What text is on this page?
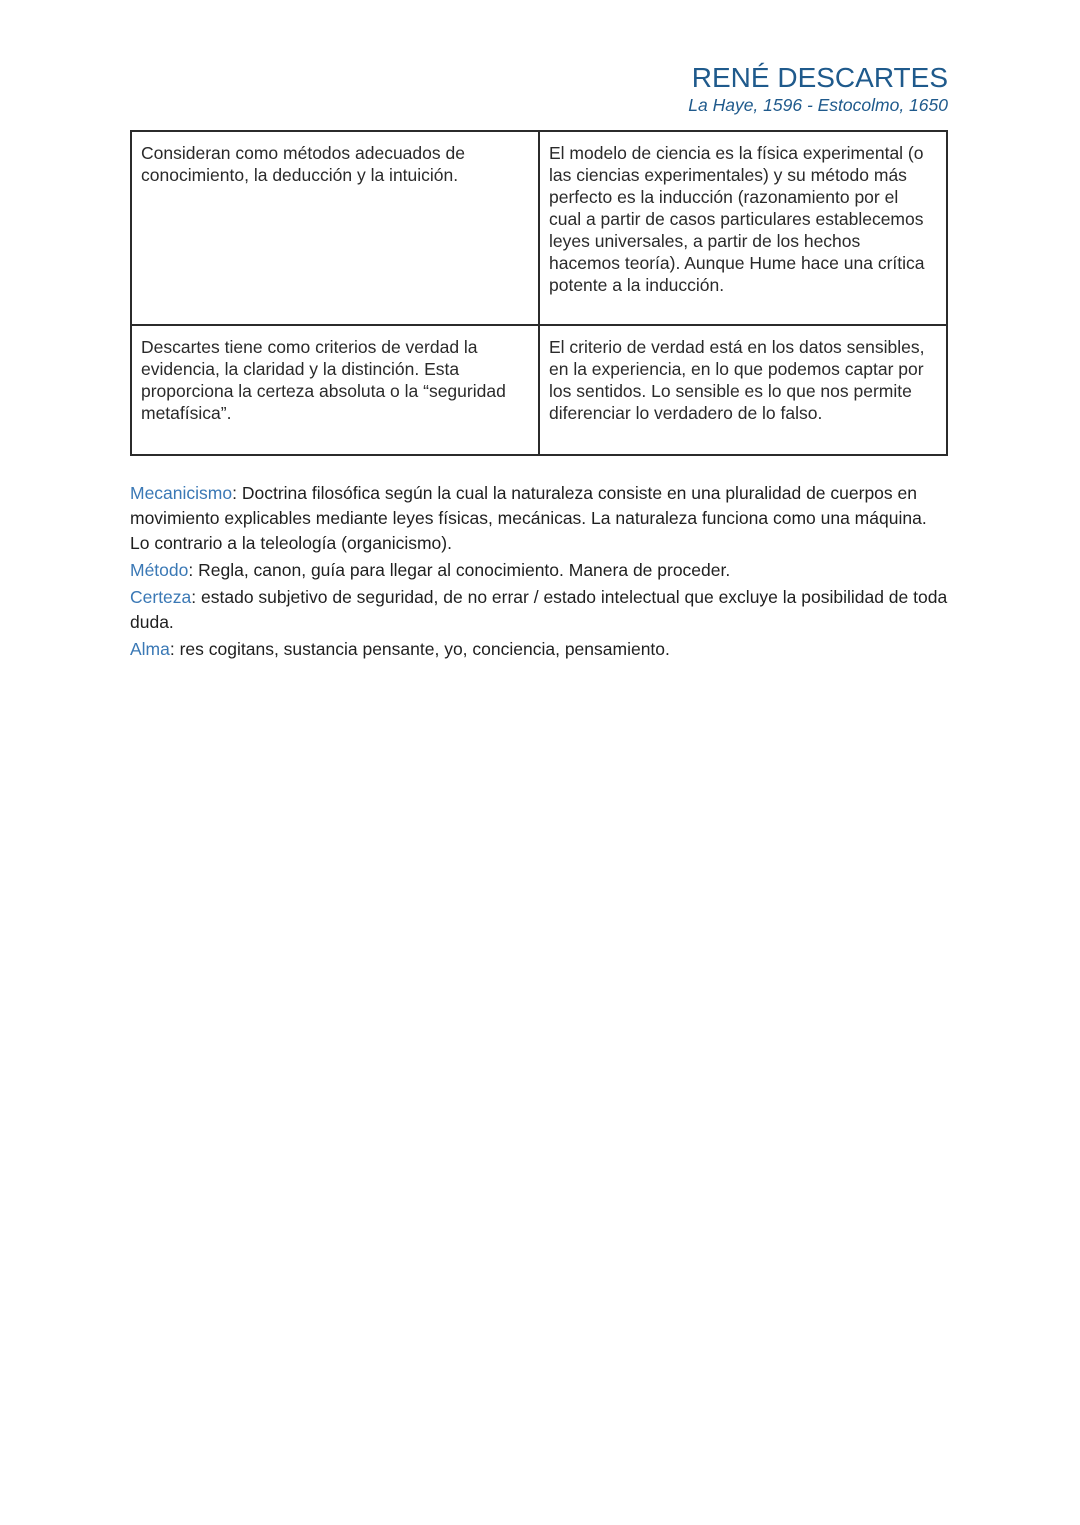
RENÉ DESCARTES
La Haye, 1596 - Estocolmo, 1650
Consideran como métodos adecuados de conocimiento, la deducción y la intuición.	El modelo de ciencia es la física experimental (o las ciencias experimentales) y su método más perfecto es la inducción (razonamiento por el cual a partir de casos particulares establecemos leyes universales, a partir de los hechos hacemos teoría). Aunque Hume hace una crítica potente a la inducción.
Descartes tiene como criterios de verdad la evidencia, la claridad y la distinción. Esta proporciona la certeza absoluta o la “seguridad metafísica”.	El criterio de verdad está en los datos sensibles, en la experiencia, en lo que podemos captar por los sentidos. Lo sensible es lo que nos permite diferenciar lo verdadero de lo falso.

Mecanicismo: Doctrina filosófica según la cual la naturaleza consiste en una pluralidad de cuerpos en movimiento explicables mediante leyes físicas, mecánicas. La naturaleza funciona como una máquina. Lo contrario a la teleología (organicismo).

Método: Regla, canon, guía para llegar al conocimiento. Manera de proceder.

Certeza: estado subjetivo de seguridad, de no errar / estado intelectual que excluye la posibilidad de toda duda.

Alma: res cogitans, sustancia pensante, yo, conciencia, pensamiento.
